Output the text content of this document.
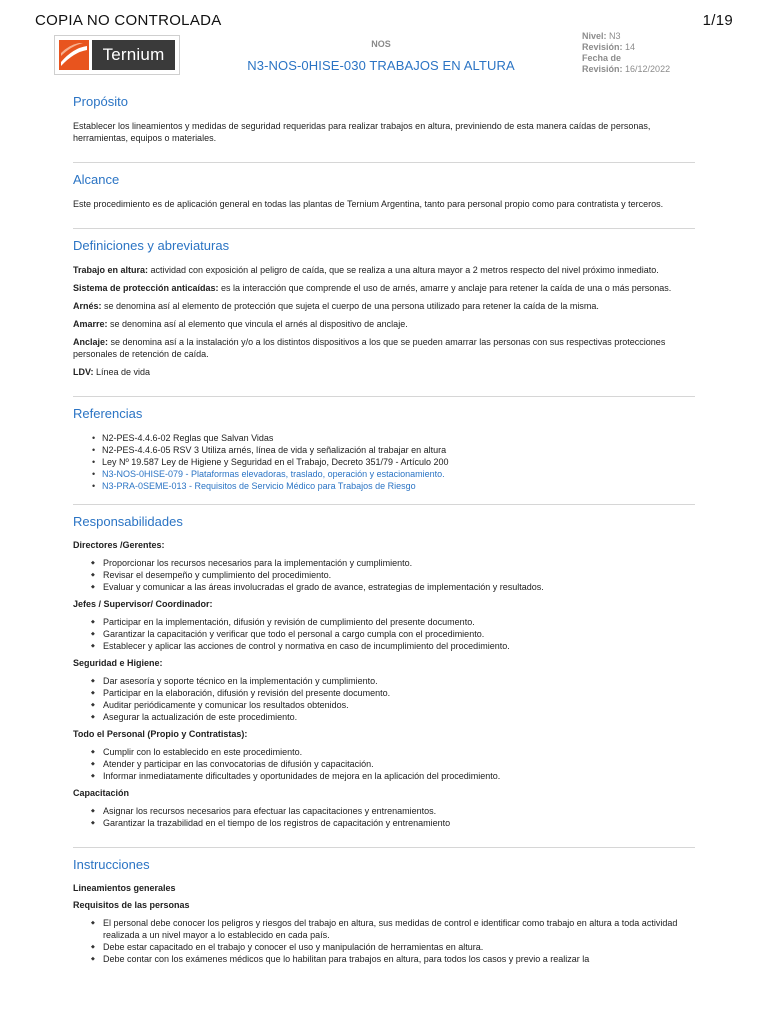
COPIA NO CONTROLADA	1/19
Ternium
NOS
N3-NOS-0HISE-030 TRABAJOS EN ALTURA
Nivel: N3
Revisión: 14
Fecha de
Revisión: 16/12/2022
Propósito

Establecer los lineamientos y medidas de seguridad requeridas para realizar trabajos en altura, previniendo de esta manera caídas de personas, herramientas, equipos o materiales.

Alcance

Este procedimiento es de aplicación general en todas las plantas de Ternium Argentina, tanto para personal propio como para contratista y terceros.

Definiciones y abreviaturas

Trabajo en altura: actividad con exposición al peligro de caída, que se realiza a una altura mayor a 2 metros respecto del nivel próximo inmediato.

Sistema de protección anticaídas: es la interacción que comprende el uso de arnés, amarre y anclaje para retener la caída de una o más personas.

Arnés: se denomina así al elemento de protección que sujeta el cuerpo de una persona utilizado para retener la caída de la misma.

Amarre: se denomina así al elemento que vincula el arnés al dispositivo de anclaje.

Anclaje: se denomina así a la instalación y/o a los distintos dispositivos a los que se pueden amarrar las personas con sus respectivas protecciones personales de retención de caída.

LDV: Línea de vida

Referencias
• N2-PES-4.4.6-02 Reglas que Salvan Vidas
• N2-PES-4.4.6-05 RSV 3 Utiliza arnés, línea de vida y señalización al trabajar en altura
• Ley Nº 19.587 Ley de Higiene y Seguridad en el Trabajo, Decreto 351/79 - Artículo 200
• N3-NOS-0HISE-079 - Plataformas elevadoras, traslado, operación y estacionamiento.
• N3-PRA-0SEME-013 - Requisitos de Servicio Médico para Trabajos de Riesgo
Responsabilidades
Directores /Gerentes:
◆ Proporcionar los recursos necesarios para la implementación y cumplimiento.
◆ Revisar el desempeño y cumplimiento del procedimiento.
◆ Evaluar y comunicar a las áreas involucradas el grado de avance, estrategias de implementación y resultados.
Jefes / Supervisor/ Coordinador:
◆ Participar en la implementación, difusión y revisión de cumplimiento del presente documento.
◆ Garantizar la capacitación y verificar que todo el personal a cargo cumpla con el procedimiento.
◆ Establecer y aplicar las acciones de control y normativa en caso de incumplimiento del procedimiento.
Seguridad e Higiene:
◆ Dar asesoría y soporte técnico en la implementación y cumplimiento.
◆ Participar en la elaboración, difusión y revisión del presente documento.
◆ Auditar periódicamente y comunicar los resultados obtenidos.
◆ Asegurar la actualización de este procedimiento.
Todo el Personal (Propio y Contratistas):
◆ Cumplir con lo establecido en este procedimiento.
◆ Atender y participar en las convocatorias de difusión y capacitación.
◆ Informar inmediatamente dificultades y oportunidades de mejora en la aplicación del procedimiento.
Capacitación
◆ Asignar los recursos necesarios para efectuar las capacitaciones y entrenamientos.
◆ Garantizar la trazabilidad en el tiempo de los registros de capacitación y entrenamiento
Instrucciones
Lineamientos generales
Requisitos de las personas
◆ El personal debe conocer los peligros y riesgos del trabajo en altura, sus medidas de control e identificar como trabajo en altura a toda actividad realizada a un nivel mayor a lo establecido en cada país.
◆ Debe estar capacitado en el trabajo y conocer el uso y manipulación de herramientas en altura.
◆ Debe contar con los exámenes médicos que lo habilitan para trabajos en altura, para todos los casos y previo a realizar la
